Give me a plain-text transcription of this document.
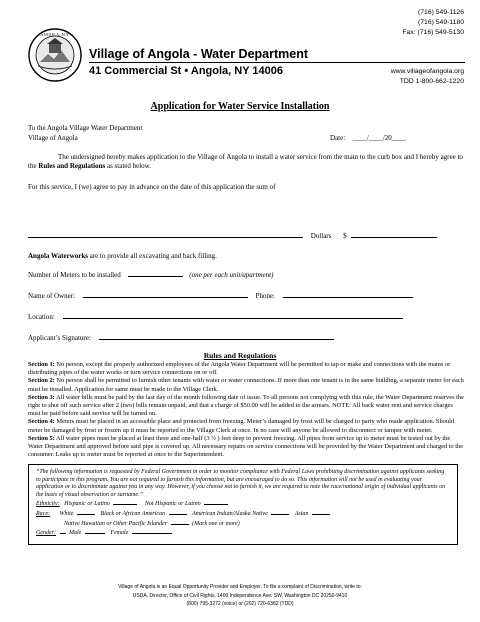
ANGOLA, N.Y.
Village of Angola - Water Department
41 Commercial St • Angola, NY 14006
(716) 549-1126
(716) 549-1180
Fax: (716) 549-5130
www.villageofangola.org
TDD 1-800-662-1220
Application for Water Service Installation
To the Angola Village Water Department
Village of Angola	Date: ____/____/20____
The undersigned hereby makes application to the Village of Angola to install a water service from the main to the curb box and I hereby agree to the Rules and Regulations as stated below.
For this service, I (we) agree to pay in advance on the date of this application the sum of
Dollars $
Angola Waterworks are to provide all excavating and back filling.
Number of Meters to be installed	(one per each unit/apartment)
Name of Owner:	Phone:
Location:
Applicant’s Signature:
Rules and Regulations
Section 1: No person, except the properly authorized employees of the Angola Water Department will be permitted to tap or make and connections with the mains or distributing pipes of the water works or turn service connections on or off.
Section 2: No person shall be permitted to furnish other tenants with water or water connections. If more than one tenant is in the same building, a separate meter for each must be installed. Application for same must be made to the Village Clerk.
Section 3: All water bills must be paid by the last day of the month following date of issue. To all persons not complying with this rule, the Water Department reserves the right to shut off such service after 2 (two) bills remain unpaid, and that a charge of $50.00 will be added to the arrears. NOTE: All back water rent and service charges must be paid before said service will be turned on.
Section 4: Meters must be placed in an accessible place and protected from freezing. Meter’s damaged by frost will be charged to party who made application. Should meter be damaged by frost or frozen up it must be reported to the Village Clerk at once. In no case will anyone be allowed to disconnect or tamper with meter.
Section 5: All water pipes must be placed at least three and one-half (3 ½ ) feet deep to prevent freezing. All pipes from service up to meter must be tested out by the Water Department and approved before said pipe is covered up. All necessary repairs on service connections will be provided by the Water Department and charged to the consumer. Leaks up to meter must be reported at once to the Superintendent.
“The following information is requested by Federal Government in order to monitor compliance with Federal Laws prohibiting discrimination against applicants seeking to participate in this program. You are not required to furnish this information, but are encouraged to do so. This information will not be used in evaluating your application or to discriminate against you in any way. However, if you choose not to furnish it, we are required to note the race/national origin of individual applicants on the basis of visual observation or surname.”
Ethnicity: Hispanic or Latino	Not Hispanic or Latino
Race: White	Black or African American	American Indian/Alaska Native	Asian
Native Hawaiian or Other Pacific Islander	(Mark one or more)
Gender: Male	Female
Village of Angola is an Equal Opportunity Provider and Employer. To file a complaint of Discrimination, write to:
USDA, Director, Office of Civil Rights, 1400 Independence Ave. SW, Washington DC 20250-9410
(800) 795-3272 (voice) or (202) 720-6382 (TDD)
